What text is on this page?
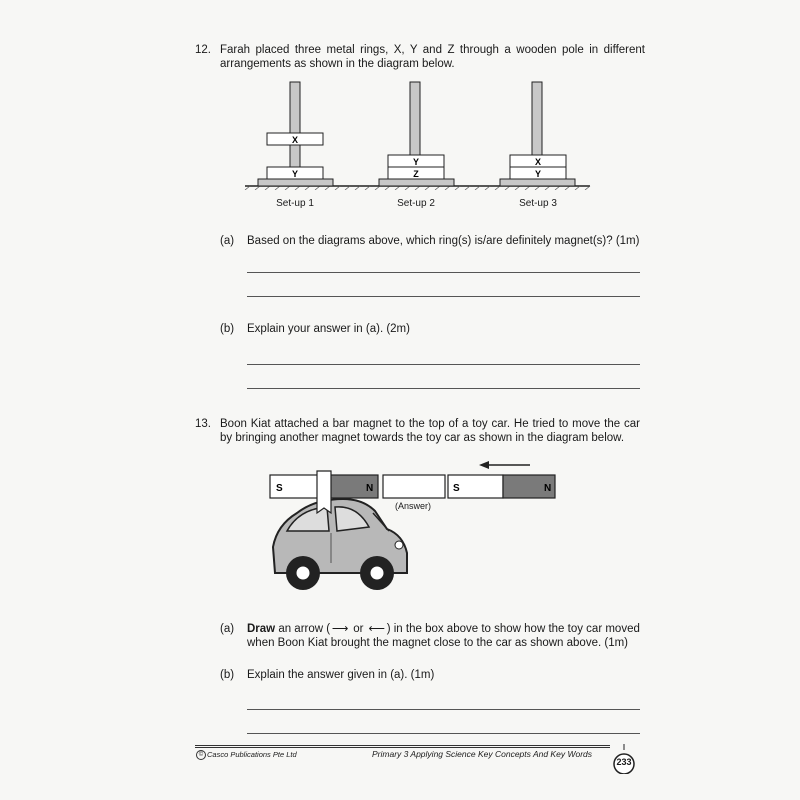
12. Farah placed three metal rings, X, Y and Z through a wooden pole in different
arrangements as shown in the diagram below.
Y
X
Z
Y
Y
X
Set-up 1	Set-up 2	Set-up 3
(a) Based on the diagrams above, which ring(s) is/are definitely magnet(s)? (1m)
(b) Explain your answer in (a). (2m)
13. Boon Kiat attached a bar magnet to the top of a toy car. He tried to move the car
by bringing another magnet towards the toy car as shown in the diagram below.
S	N	S	N
(Answer)
(a) Draw an arrow ( ⟶ or ⟵ ) in the box above to show how the toy car moved
when Boon Kiat brought the magnet close to the car as shown above. (1m)
(b) Explain the answer given in (a). (1m)
© Casco Publications Pte Ltd	Primary 3 Applying Science Key Concepts And Key Words
233
